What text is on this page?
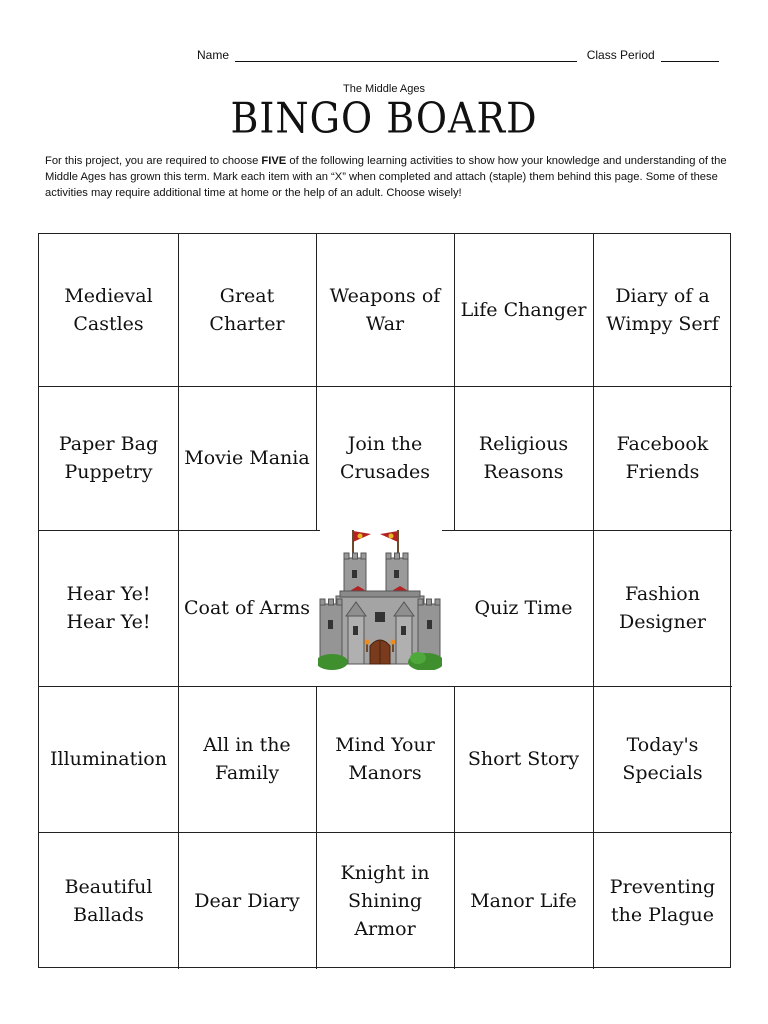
Name	Class Period
The Middle Ages
BINGO BOARD
For this project, you are required to choose FIVE of the following learning activities to show how your knowledge and understanding of the Middle Ages has grown this term. Mark each item with an “X” when completed and attach (staple) them behind this page. Some of these activities may require additional time at home or the help of an adult. Choose wisely!
Medieval Castles
Great Charter
Weapons of War
Life Changer
Diary of a Wimpy Serf
Paper Bag Puppetry
Movie Mania
Join the Crusades
Religious Reasons
Facebook Friends
Hear Ye! Hear Ye!
Coat of Arms	Quiz Time
Fashion Designer
Illumination
All in the Family
Mind Your Manors
Short Story
Today's Specials
Beautiful Ballads
Dear Diary
Knight in Shining Armor
Manor Life
Preventing the Plague
